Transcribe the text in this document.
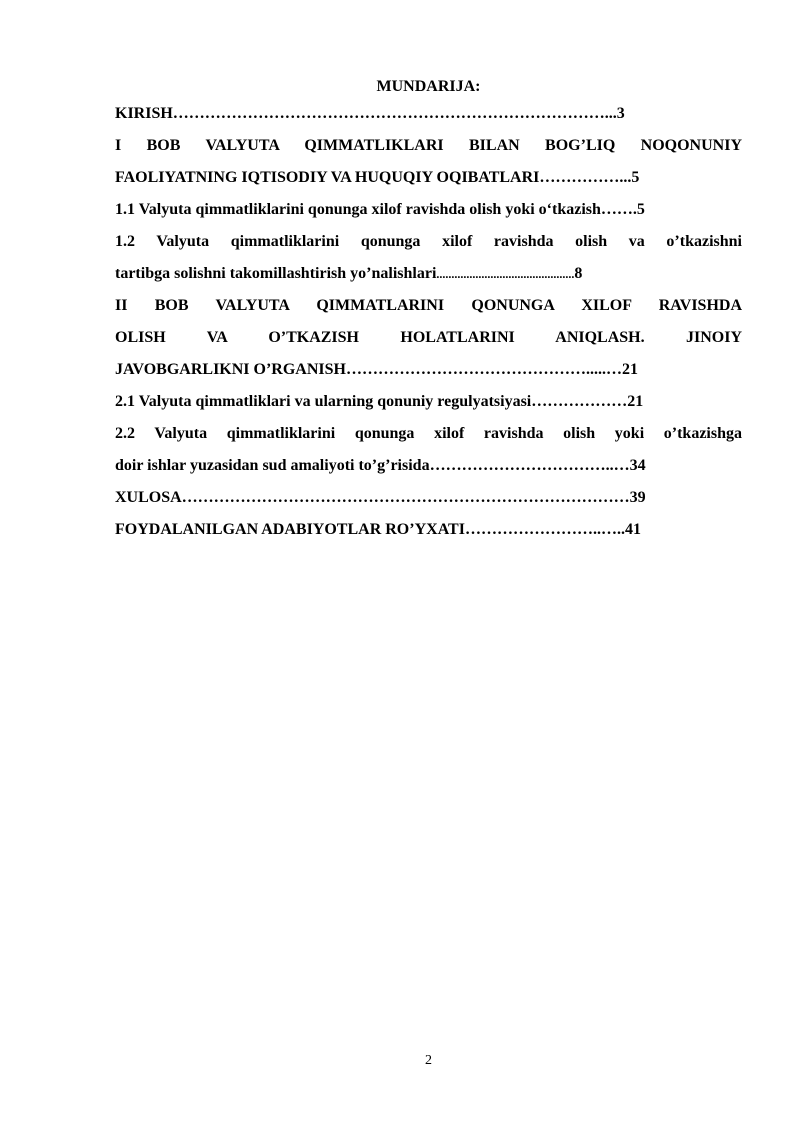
MUNDARIJA:
KIRISH………………………………………………………………………...3
I BOB VALYUTA QIMMATLIKLARI BILAN BOG’LIQ NOQONUNIY
FAOLIYATNING IQTISODIY VA HUQUQIY OQIBATLARI……………...5
1.1 Valyuta qimmatliklarini qonunga xilof ravishda olish yoki o‘tkazish…….5
1.2 Valyuta qimmatliklarini qonunga xilof ravishda olish va o’tkazishni
tartibga solishni takomillashtirish yo’nalishlari..............................................8
II BOB VALYUTA QIMMATLARINI QONUNGA XILOF RAVISHDA
OLISH VA O’TKAZISH HOLATLARINI ANIQLASH. JINOIY
JAVOBGARLIKNI O’RGANISH……………………………………….....…21
2.1 Valyuta qimmatliklari va ularning qonuniy regulyatsiyasi………………21
2.2 Valyuta qimmatliklarini qonunga xilof ravishda olish yoki o’tkazishga
doir ishlar yuzasidan sud amaliyoti to’g’risida……………………………..…34
XULOSA…………………………………………………………………………39
FOYDALANILGAN ADABIYOTLAR RO’YXATI……………………..…..41
2
